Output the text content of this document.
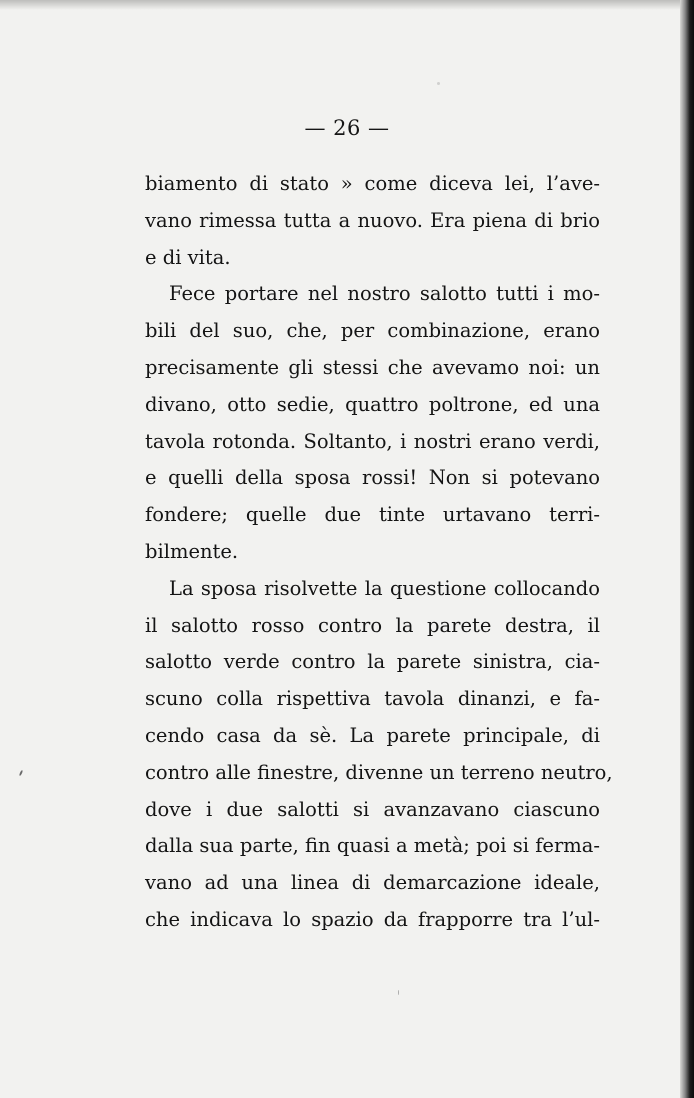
— 26 —
biamento di stato » come diceva lei, l’ave-
vano rimessa tutta a nuovo. Era piena di brio
e di vita.
Fece portare nel nostro salotto tutti i mo-
bili del suo, che, per combinazione, erano
precisamente gli stessi che avevamo noi: un
divano, otto sedie, quattro poltrone, ed una
tavola rotonda. Soltanto, i nostri erano verdi,
e quelli della sposa rossi! Non si potevano
fondere; quelle due tinte urtavano terri-
bilmente.
La sposa risolvette la questione collocando
il salotto rosso contro la parete destra, il
salotto verde contro la parete sinistra, cia-
scuno colla rispettiva tavola dinanzi, e fa-
cendo casa da sè. La parete principale, di
contro alle finestre, divenne un terreno neutro,
dove i due salotti si avanzavano ciascuno
dalla sua parte, fin quasi a metà; poi si ferma-
vano ad una linea di demarcazione ideale,
che indicava lo spazio da frapporre tra l’ul-
